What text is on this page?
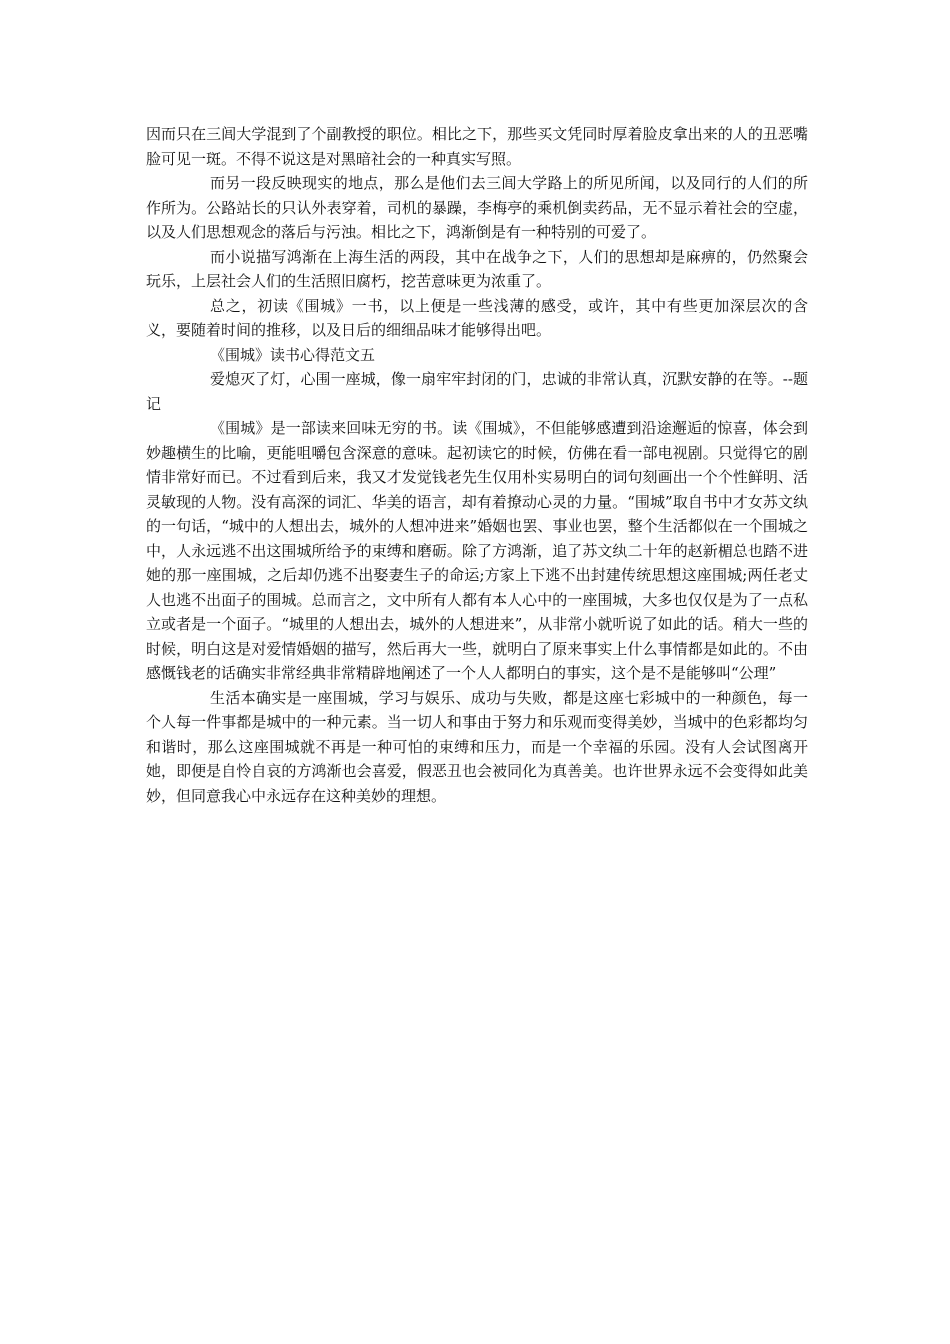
因而只在三闾大学混到了个副教授的职位。相比之下，那些买文凭同时厚着脸皮拿出来的人的丑恶嘴脸可见一斑。不得不说这是对黑暗社会的一种真实写照。

而另一段反映现实的地点，那么是他们去三闾大学路上的所见所闻，以及同行的人们的所作所为。公路站长的只认外表穿着，司机的暴躁，李梅亭的乘机倒卖药品，无不显示着社会的空虚，以及人们思想观念的落后与污浊。相比之下，鸿渐倒是有一种特别的可爱了。

而小说描写鸿渐在上海生活的两段，其中在战争之下，人们的思想却是麻痹的，仍然聚会玩乐，上层社会人们的生活照旧腐朽，挖苦意味更为浓重了。

总之，初读《围城》一书，以上便是一些浅薄的感受，或许，其中有些更加深层次的含义，要随着时间的推移，以及日后的细细品味才能够得出吧。

《围城》读书心得范文五

爱熄灭了灯，心围一座城，像一扇牢牢封闭的门，忠诚的非常认真，沉默安静的在等。--题记

《围城》是一部读来回味无穷的书。读《围城》，不但能够感遭到沿途邂逅的惊喜，体会到妙趣横生的比喻，更能咀嚼包含深意的意味。起初读它的时候，仿佛在看一部电视剧。只觉得它的剧情非常好而已。不过看到后来，我又才发觉钱老先生仅用朴实易明白的词句刻画出一个个性鲜明、活灵敏现的人物。没有高深的词汇、华美的语言，却有着撩动心灵的力量。“围城”取自书中才女苏文纨的一句话，“城中的人想出去，城外的人想冲进来”婚姻也罢、事业也罢，整个生活都似在一个围城之中，人永远逃不出这围城所给予的束缚和磨砺。除了方鸿渐，追了苏文纨二十年的赵新楣总也踏不进她的那一座围城，之后却仍逃不出娶妻生子的命运;方家上下逃不出封建传统思想这座围城;两任老丈人也逃不出面子的围城。总而言之，文中所有人都有本人心中的一座围城，大多也仅仅是为了一点私立或者是一个面子。“城里的人想出去，城外的人想进来”，从非常小就听说了如此的话。稍大一些的时候，明白这是对爱情婚姻的描写，然后再大一些，就明白了原来事实上什么事情都是如此的。不由感慨钱老的话确实非常经典非常精辟地阐述了一个人人都明白的事实，这个是不是能够叫“公理”

生活本确实是一座围城，学习与娱乐、成功与失败，都是这座七彩城中的一种颜色，每一个人每一件事都是城中的一种元素。当一切人和事由于努力和乐观而变得美妙，当城中的色彩都均匀和谐时，那么这座围城就不再是一种可怕的束缚和压力，而是一个幸福的乐园。没有人会试图离开她，即便是自怜自哀的方鸿渐也会喜爱，假恶丑也会被同化为真善美。也许世界永远不会变得如此美妙，但同意我心中永远存在这种美妙的理想。
